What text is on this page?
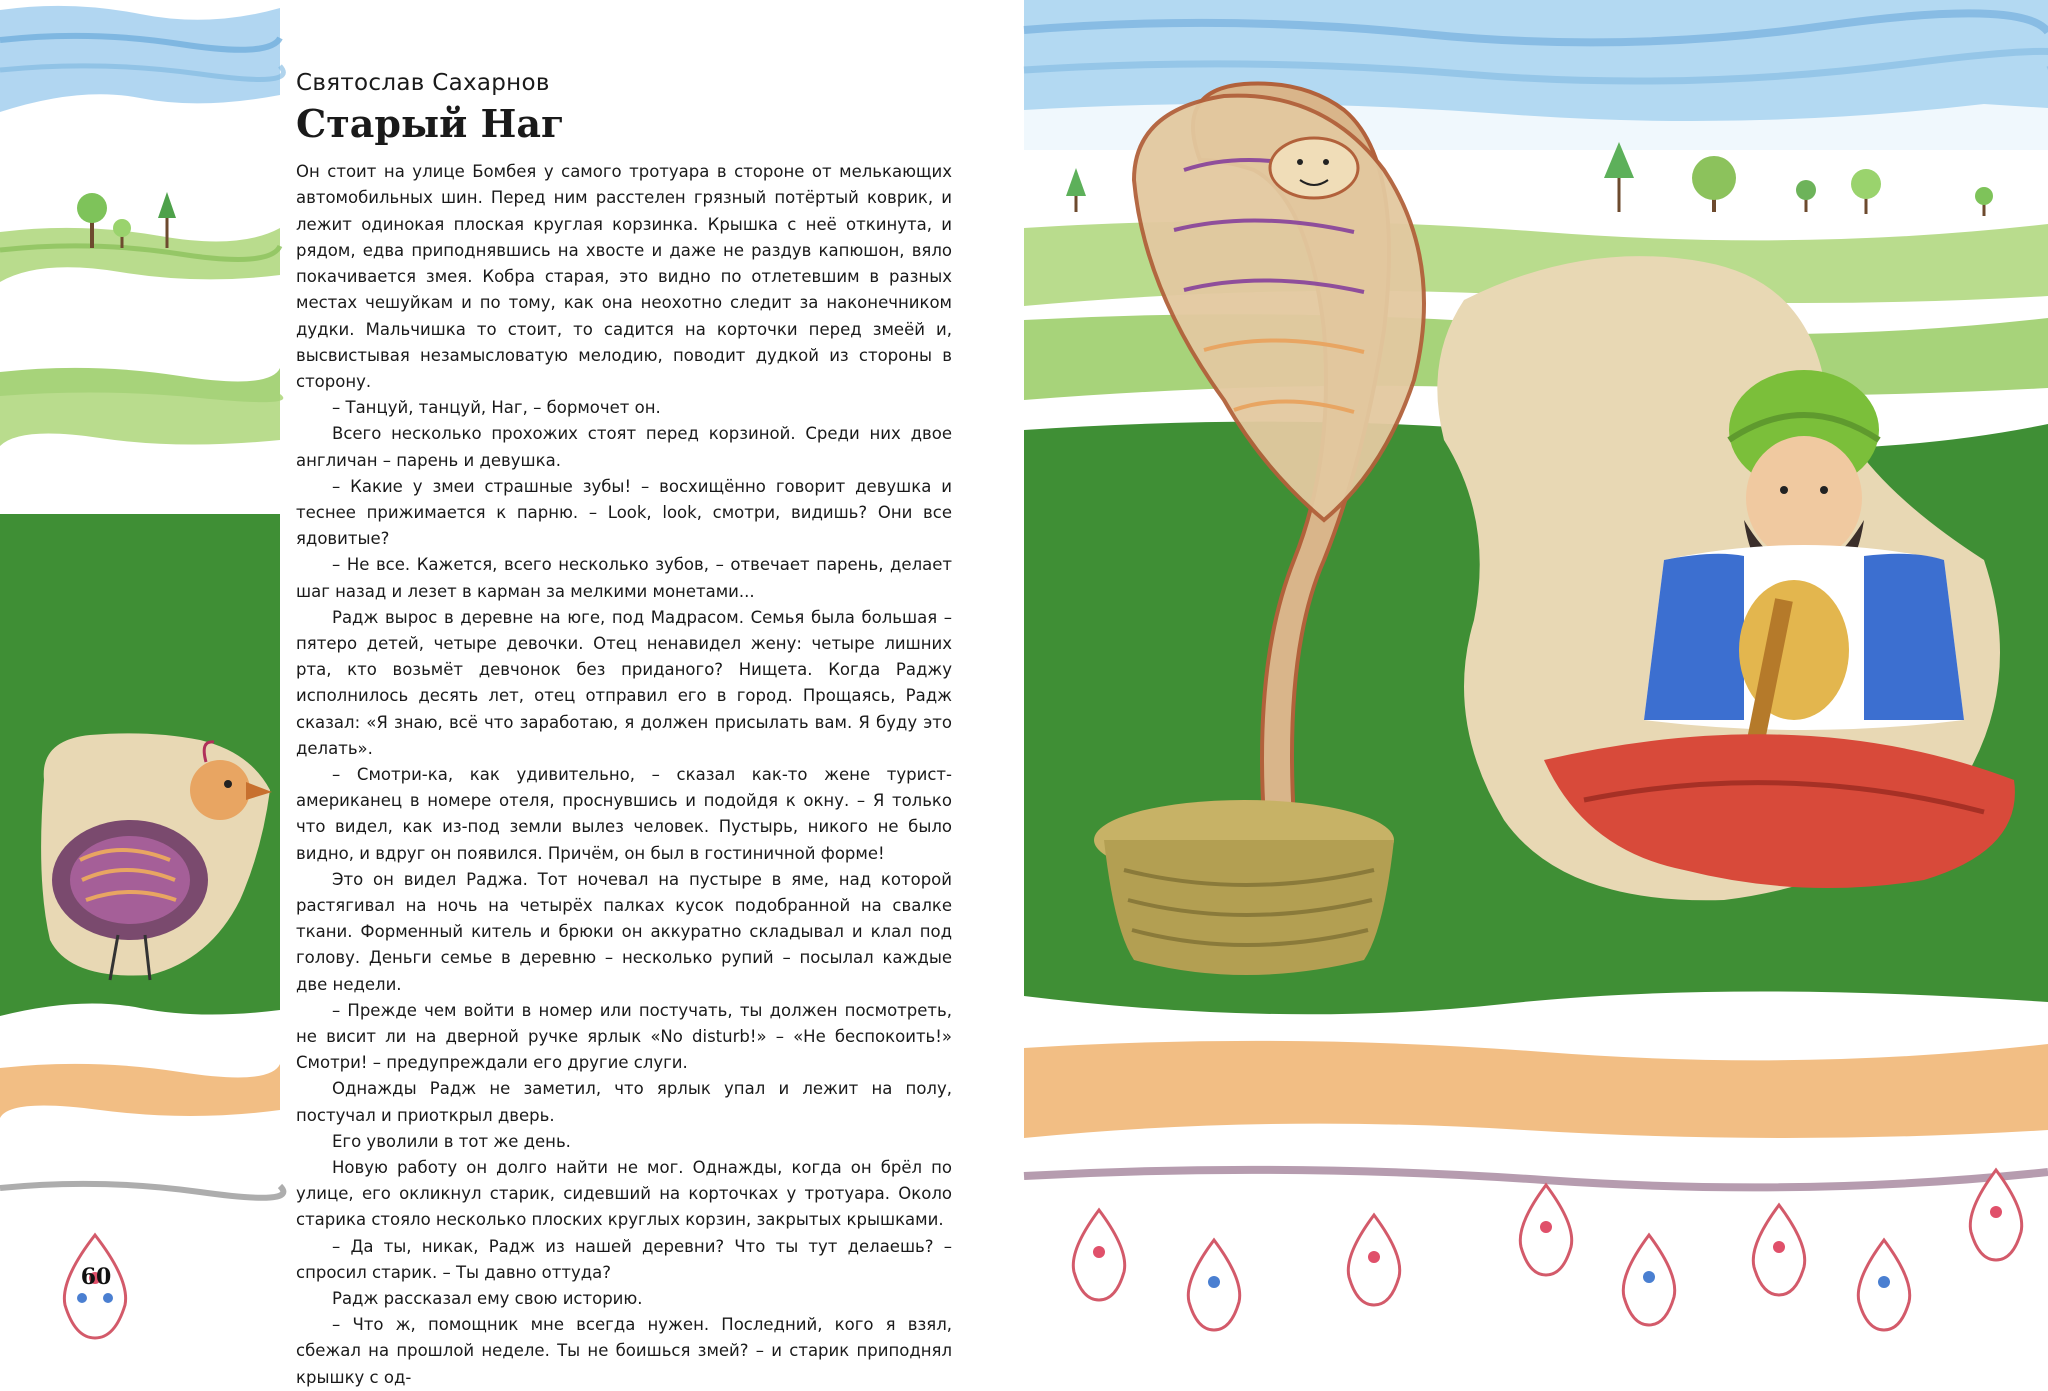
Святослав Сахарнов
Старый Наг

Он стоит на улице Бомбея у самого тротуара в стороне от мелькающих автомобильных шин. Перед ним расстелен грязный потёртый коврик, и лежит одинокая плоская круглая корзинка. Крышка с неё откинута, и рядом, едва приподнявшись на хвосте и даже не раздув капюшон, вяло покачивается змея. Кобра старая, это видно по отлетевшим в разных местах чешуйкам и по тому, как она неохотно следит за наконечником дудки. Мальчишка то стоит, то садится на корточки перед змеёй и, высвистывая незамысловатую мелодию, поводит дудкой из стороны в сторону.

– Танцуй, танцуй, Наг, – бормочет он.

Всего несколько прохожих стоят перед корзиной. Среди них двое англичан – парень и девушка.

– Какие у змеи страшные зубы! – восхищённо говорит девушка и теснее прижимается к парню. – Look, look, смотри, видишь? Они все ядовитые?

– Не все. Кажется, всего несколько зубов, – отвечает парень, делает шаг назад и лезет в карман за мелкими монетами...

Радж вырос в деревне на юге, под Мадрасом. Семья была большая – пятеро детей, четыре девочки. Отец ненавидел жену: четыре лишних рта, кто возьмёт девчонок без приданого? Нищета. Когда Раджу исполнилось десять лет, отец отправил его в город. Прощаясь, Радж сказал: «Я знаю, всё что заработаю, я должен присылать вам. Я буду это делать».

– Смотри-ка, как удивительно, – сказал как-то жене турист-американец в номере отеля, проснувшись и подойдя к окну. – Я только что видел, как из-под земли вылез человек. Пустырь, никого не было видно, и вдруг он появился. Причём, он был в гостиничной форме!

Это он видел Раджа. Тот ночевал на пустыре в яме, над которой растягивал на ночь на четырёх палках кусок подобранной на свалке ткани. Форменный китель и брюки он аккуратно складывал и клал под голову. Деньги семье в деревню – несколько рупий – посылал каждые две недели.

– Прежде чем войти в номер или постучать, ты должен посмотреть, не висит ли на дверной ручке ярлык «No disturb!» – «Не беспокоить!» Смотри! – предупреждали его другие слуги.

Однажды Радж не заметил, что ярлык упал и лежит на полу, постучал и приоткрыл дверь.

Его уволили в тот же день.

Новую работу он долго найти не мог. Однажды, когда он брёл по улице, его окликнул старик, сидевший на корточках у тротуара. Около старика стояло несколько плоских круглых корзин, закрытых крышками.

– Да ты, никак, Радж из нашей деревни? Что ты тут делаешь? – спросил старик. – Ты давно оттуда?

Радж рассказал ему свою историю.

– Что ж, помощник мне всегда нужен. Последний, кого я взял, сбежал на прошлой неделе. Ты не боишься змей? – и старик приподнял крышку с од-

60
